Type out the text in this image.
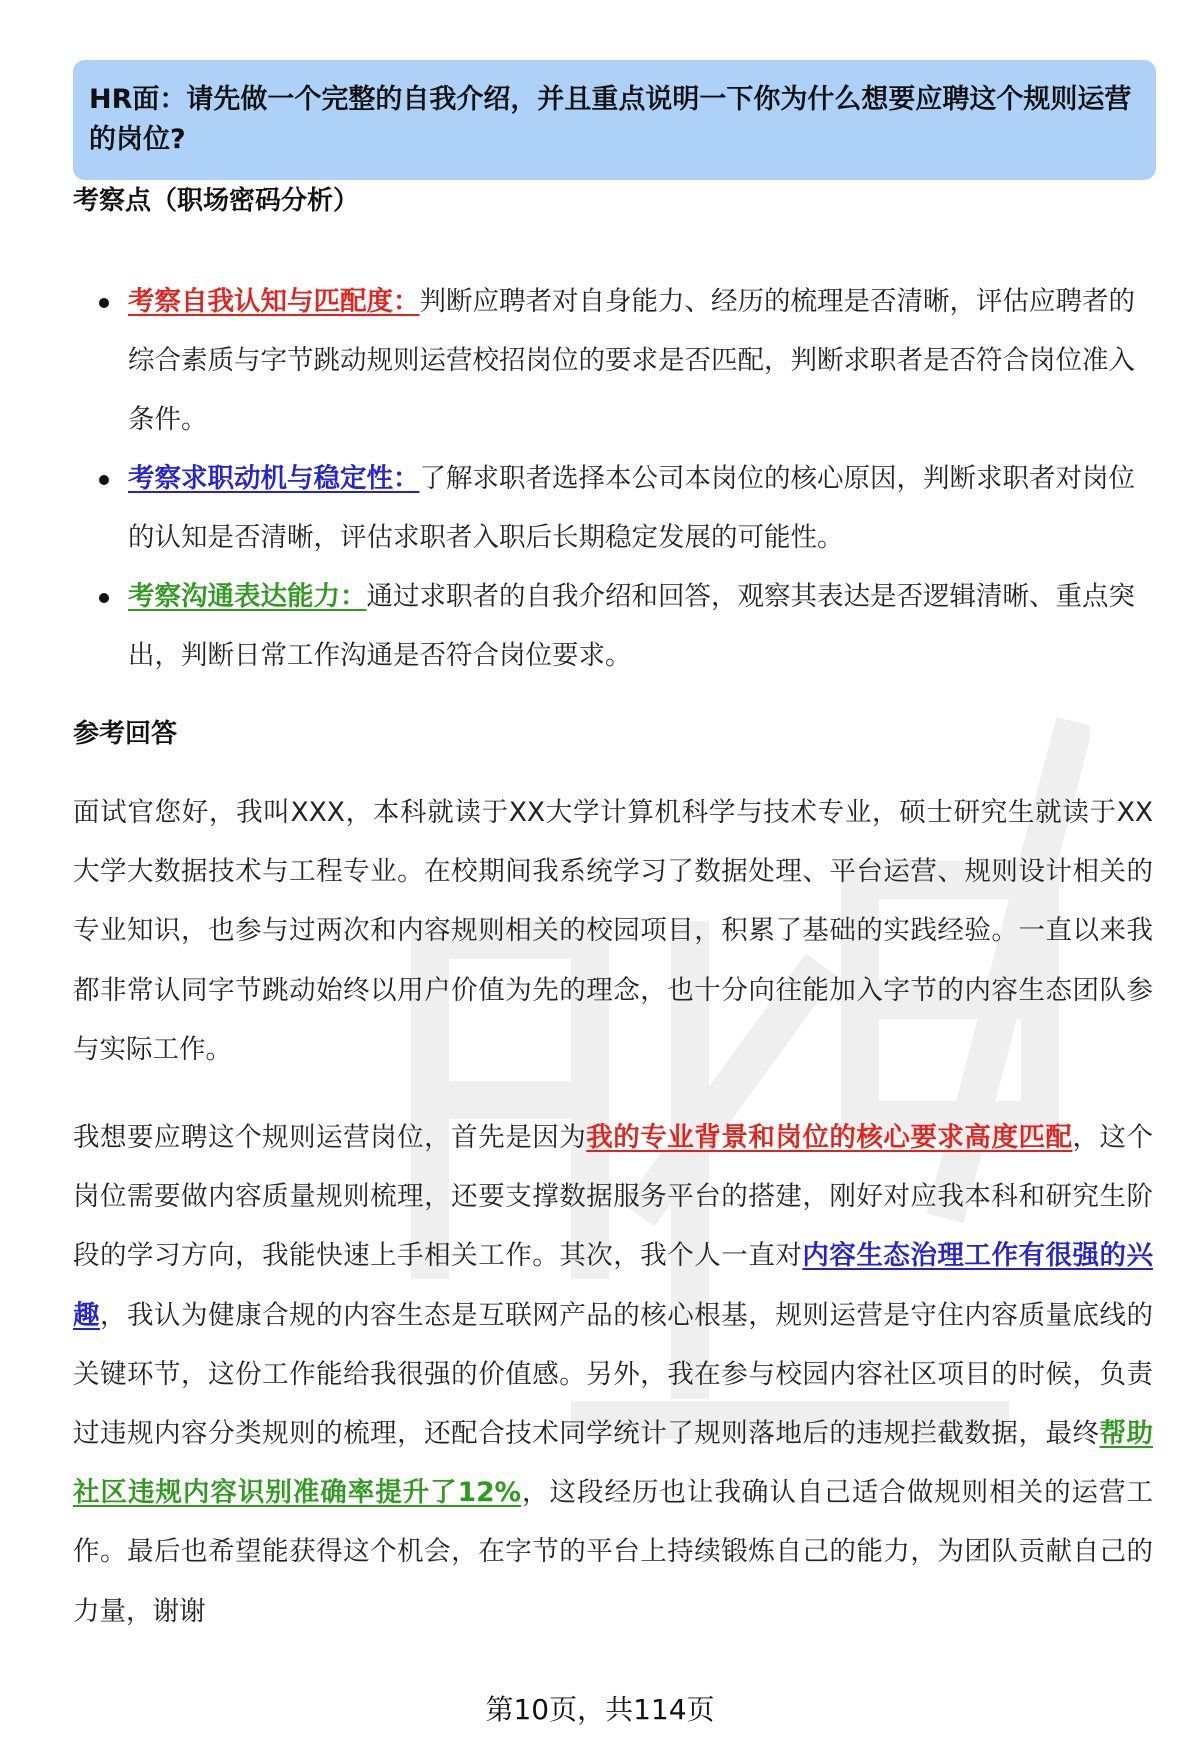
HR面：请先做一个完整的自我介绍，并且重点说明一下你为什么想要应聘这个规则运营的岗位?
考察点（职场密码分析）
考察自我认知与匹配度：判断应聘者对自身能力、经历的梳理是否清晰，评估应聘者的综合素质与字节跳动规则运营校招岗位的要求是否匹配，判断求职者是否符合岗位准入条件。
考察求职动机与稳定性：了解求职者选择本公司本岗位的核心原因，判断求职者对岗位的认知是否清晰，评估求职者入职后长期稳定发展的可能性。
考察沟通表达能力：通过求职者的自我介绍和回答，观察其表达是否逻辑清晰、重点突出，判断日常工作沟通是否符合岗位要求。
参考回答

面试官您好，我叫XXX，本科就读于XX大学计算机科学与技术专业，硕士研究生就读于XX大学大数据技术与工程专业。在校期间我系统学习了数据处理、平台运营、规则设计相关的专业知识，也参与过两次和内容规则相关的校园项目，积累了基础的实践经验。一直以来我都非常认同字节跳动始终以用户价值为先的理念，也十分向往能加入字节的内容生态团队参与实际工作。

我想要应聘这个规则运营岗位，首先是因为我的专业背景和岗位的核心要求高度匹配，这个岗位需要做内容质量规则梳理，还要支撑数据服务平台的搭建，刚好对应我本科和研究生阶段的学习方向，我能快速上手相关工作。其次，我个人一直对内容生态治理工作有很强的兴趣，我认为健康合规的内容生态是互联网产品的核心根基，规则运营是守住内容质量底线的关键环节，这份工作能给我很强的价值感。另外，我在参与校园内容社区项目的时候，负责过违规内容分类规则的梳理，还配合技术同学统计了规则落地后的违规拦截数据，最终帮助社区违规内容识别准确率提升了12%，这段经历也让我确认自己适合做规则相关的运营工作。最后也希望能获得这个机会，在字节的平台上持续锻炼自己的能力，为团队贡献自己的力量，谢谢

第10页，共114页
